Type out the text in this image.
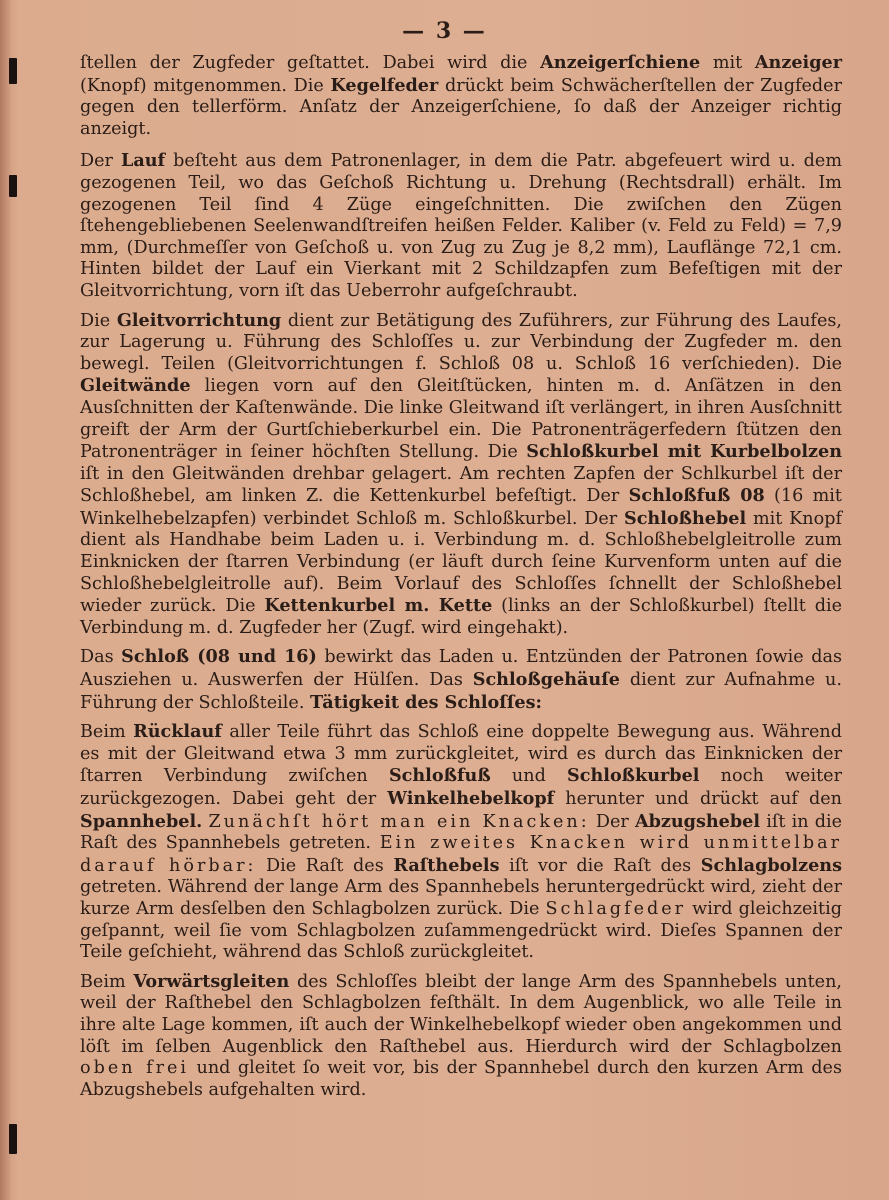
— 3 —

ſtellen der Zugfeder geſtattet. Dabei wird die Anzeigerſchiene mit Anzeiger (Knopf) mitgenommen. Die Kegelfeder drückt beim Schwächerſtellen der Zugfeder gegen den tellerförm. Anſatz der Anzeigerſchiene, ſo daß der Anzeiger richtig anzeigt.

Der Lauf beſteht aus dem Patronenlager, in dem die Patr. abgefeuert wird u. dem gezogenen Teil, wo das Geſchoß Richtung u. Drehung (Rechtsdrall) erhält. Im gezogenen Teil ſind 4 Züge eingeſchnitten. Die zwiſchen den Zügen ſtehengebliebenen Seelenwandſtreifen heißen Felder. Kaliber (v. Feld zu Feld) = 7,9 mm, (Durchmeſſer von Geſchoß u. von Zug zu Zug je 8,2 mm), Lauflänge 72,1 cm. Hinten bildet der Lauf ein Vierkant mit 2 Schildzapfen zum Befeſtigen mit der Gleitvorrichtung, vorn iſt das Ueberrohr aufgeſchraubt.

Die Gleitvorrichtung dient zur Betätigung des Zuführers, zur Führung des Laufes, zur Lagerung u. Führung des Schloſſes u. zur Verbindung der Zugfeder m. den bewegl. Teilen (Gleitvorrichtungen f. Schloß 08 u. Schloß 16 verſchieden). Die Gleitwände liegen vorn auf den Gleitſtücken, hinten m. d. Anſätzen in den Ausſchnitten der Kaſtenwände. Die linke Gleitwand iſt verlängert, in ihren Ausſchnitt greift der Arm der Gurtſchieberkurbel ein. Die Patronenträgerfedern ſtützen den Patronenträger in ſeiner höchſten Stellung. Die Schloßkurbel mit Kurbelbolzen iſt in den Gleitwänden drehbar gelagert. Am rechten Zapfen der Schlkurbel iſt der Schloßhebel, am linken Z. die Kettenkurbel befeſtigt. Der Schloßfuß 08 (16 mit Winkelhebelzapfen) verbindet Schloß m. Schloßkurbel. Der Schloßhebel mit Knopf dient als Handhabe beim Laden u. i. Verbindung m. d. Schloßhebelgleitrolle zum Einknicken der ſtarren Verbindung (er läuft durch ſeine Kurvenform unten auf die Schloßhebelgleitrolle auf). Beim Vorlauf des Schloſſes ſchnellt der Schloßhebel wieder zurück. Die Kettenkurbel m. Kette (links an der Schloßkurbel) ſtellt die Verbindung m. d. Zugfeder her (Zugf. wird eingehakt).

Das Schloß (08 und 16) bewirkt das Laden u. Entzünden der Patronen ſowie das Ausziehen u. Auswerfen der Hülſen. Das Schloßgehäuſe dient zur Aufnahme u. Führung der Schloßteile. Tätigkeit des Schloſſes:

Beim Rücklauf aller Teile führt das Schloß eine doppelte Bewegung aus. Während es mit der Gleitwand etwa 3 mm zurückgleitet, wird es durch das Einknicken der ſtarren Verbindung zwiſchen Schloßfuß und Schloßkurbel noch weiter zurückgezogen. Dabei geht der Winkelhebelkopf herunter und drückt auf den Spannhebel. Zunächſt hört man ein Knacken: Der Abzugshebel iſt in die Raſt des Spannhebels getreten. Ein zweites Knacken wird unmittelbar darauf hörbar: Die Raſt des Raſthebels iſt vor die Raſt des Schlagbolzens getreten. Während der lange Arm des Spannhebels heruntergedrückt wird, zieht der kurze Arm desſelben den Schlagbolzen zurück. Die Schlagfeder wird gleichzeitig geſpannt, weil ſie vom Schlagbolzen zuſammengedrückt wird. Dieſes Spannen der Teile geſchieht, während das Schloß zurückgleitet.

Beim Vorwärtsgleiten des Schloſſes bleibt der lange Arm des Spannhebels unten, weil der Raſthebel den Schlagbolzen feſthält. In dem Augenblick, wo alle Teile in ihre alte Lage kommen, iſt auch der Winkelhebelkopf wieder oben angekommen und löſt im ſelben Augenblick den Raſthebel aus. Hierdurch wird der Schlagbolzen oben frei und gleitet ſo weit vor, bis der Spannhebel durch den kurzen Arm des Abzugshebels aufgehalten wird.
